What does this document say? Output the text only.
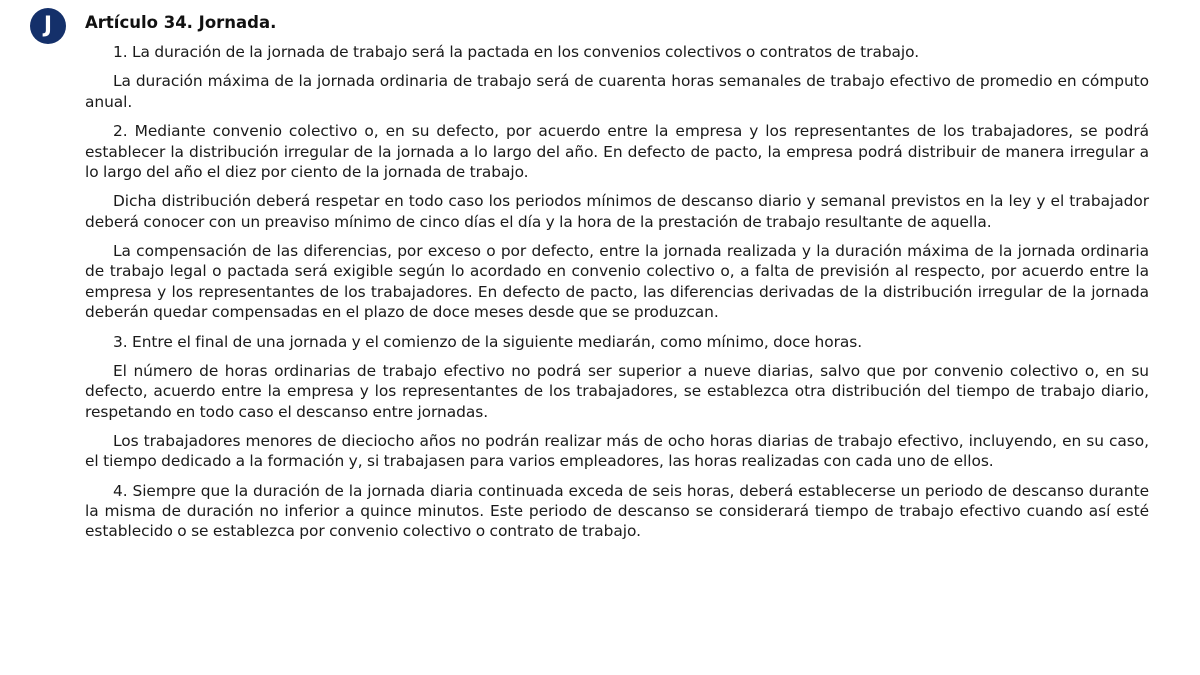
J	Artículo 34. Jornada.

1. La duración de la jornada de trabajo será la pactada en los convenios colectivos o contratos de trabajo.

La duración máxima de la jornada ordinaria de trabajo será de cuarenta horas semanales de trabajo efectivo de promedio en cómputo anual.

2. Mediante convenio colectivo o, en su defecto, por acuerdo entre la empresa y los representantes de los trabajadores, se podrá establecer la distribución irregular de la jornada a lo largo del año. En defecto de pacto, la empresa podrá distribuir de manera irregular a lo largo del año el diez por ciento de la jornada de trabajo.

Dicha distribución deberá respetar en todo caso los periodos mínimos de descanso diario y semanal previstos en la ley y el trabajador deberá conocer con un preaviso mínimo de cinco días el día y la hora de la prestación de trabajo resultante de aquella.

La compensación de las diferencias, por exceso o por defecto, entre la jornada realizada y la duración máxima de la jornada ordinaria de trabajo legal o pactada será exigible según lo acordado en convenio colectivo o, a falta de previsión al respecto, por acuerdo entre la empresa y los representantes de los trabajadores. En defecto de pacto, las diferencias derivadas de la distribución irregular de la jornada deberán quedar compensadas en el plazo de doce meses desde que se produzcan.

3. Entre el final de una jornada y el comienzo de la siguiente mediarán, como mínimo, doce horas.

El número de horas ordinarias de trabajo efectivo no podrá ser superior a nueve diarias, salvo que por convenio colectivo o, en su defecto, acuerdo entre la empresa y los representantes de los trabajadores, se establezca otra distribución del tiempo de trabajo diario, respetando en todo caso el descanso entre jornadas.

Los trabajadores menores de dieciocho años no podrán realizar más de ocho horas diarias de trabajo efectivo, incluyendo, en su caso, el tiempo dedicado a la formación y, si trabajasen para varios empleadores, las horas realizadas con cada uno de ellos.

4. Siempre que la duración de la jornada diaria continuada exceda de seis horas, deberá establecerse un periodo de descanso durante la misma de duración no inferior a quince minutos. Este periodo de descanso se considerará tiempo de trabajo efectivo cuando así esté establecido o se establezca por convenio colectivo o contrato de trabajo.
